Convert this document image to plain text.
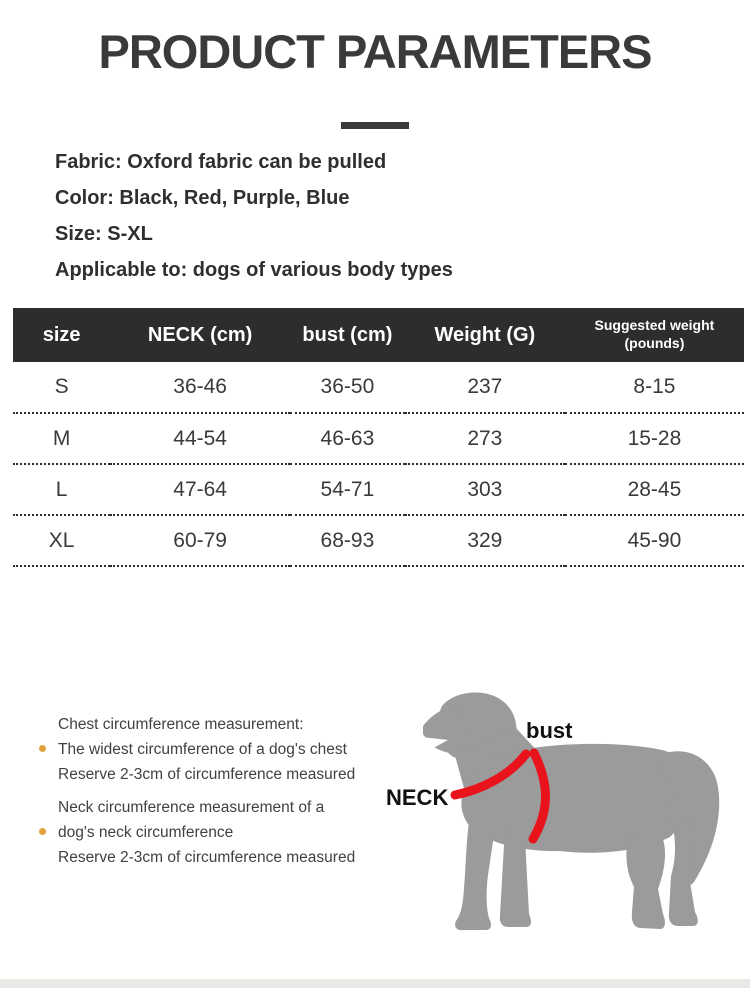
PRODUCT PARAMETERS
Fabric: Oxford fabric can be pulled
Color: Black, Red, Purple, Blue
Size: S-XL
Applicable to: dogs of various body types
size	NECK (cm)	bust (cm)	Weight (G)	Suggested weight (pounds)
S	36-46	36-50	237	8-15
M	44-54	46-63	273	15-28
L	47-64	54-71	303	28-45
XL	60-79	68-93	329	45-90
Chest circumference measurement:
The widest circumference of a dog's chest
Reserve 2-3cm of circumference measured
Neck circumference measurement of a
dog's neck circumference
Reserve 2-3cm of circumference measured
bust
NECK
